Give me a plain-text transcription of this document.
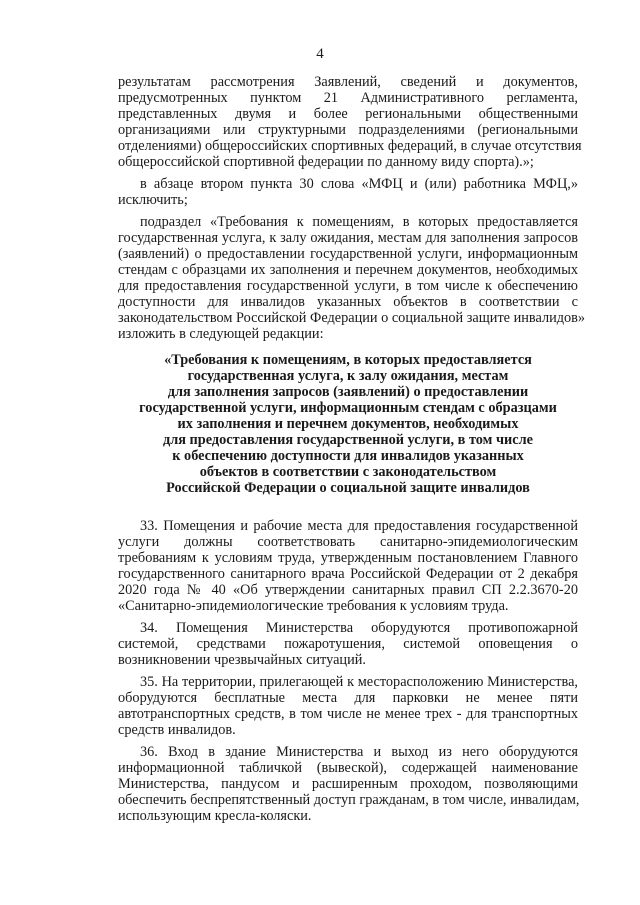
4
результатам рассмотрения Заявлений, сведений и документов,
предусмотренных пунктом 21 Административного регламента,
представленных двумя и более региональными общественными
организациями или структурными подразделениями (региональными
отделениями) общероссийских спортивных федераций, в случае отсутствия
общероссийской спортивной федерации по данному виду спорта).»;
в абзаце втором пункта 30 слова «МФЦ и (или) работника МФЦ,»
исключить;
подраздел «Требования к помещениям, в которых предоставляется
государственная услуга, к залу ожидания, местам для заполнения запросов
(заявлений) о предоставлении государственной услуги, информационным
стендам с образцами их заполнения и перечнем документов, необходимых
для предоставления государственной услуги, в том числе к обеспечению
доступности для инвалидов указанных объектов в соответствии с
законодательством Российской Федерации о социальной защите инвалидов»
изложить в следующей редакции:
«Требования к помещениям, в которых предоставляется
государственная услуга, к залу ожидания, местам
для заполнения запросов (заявлений) о предоставлении
государственной услуги, информационным стендам с образцами
их заполнения и перечнем документов, необходимых
для предоставления государственной услуги, в том числе
к обеспечению доступности для инвалидов указанных
объектов в соответствии с законодательством
Российской Федерации о социальной защите инвалидов
33. Помещения и рабочие места для предоставления государственной
услуги должны соответствовать санитарно-эпидемиологическим
требованиям к условиям труда, утвержденным постановлением Главного
государственного санитарного врача Российской Федерации от 2 декабря
2020 года № 40 «Об утверждении санитарных правил СП 2.2.3670-20
«Санитарно-эпидемиологические требования к условиям труда.
34. Помещения Министерства оборудуются противопожарной
системой, средствами пожаротушения, системой оповещения о
возникновении чрезвычайных ситуаций.
35. На территории, прилегающей к месторасположению Министерства,
оборудуются бесплатные места для парковки не менее пяти
автотранспортных средств, в том числе не менее трех - для транспортных
средств инвалидов.
36. Вход в здание Министерства и выход из него оборудуются
информационной табличкой (вывеской), содержащей наименование
Министерства, пандусом и расширенным проходом, позволяющими
обеспечить беспрепятственный доступ гражданам, в том числе, инвалидам,
использующим кресла-коляски.
